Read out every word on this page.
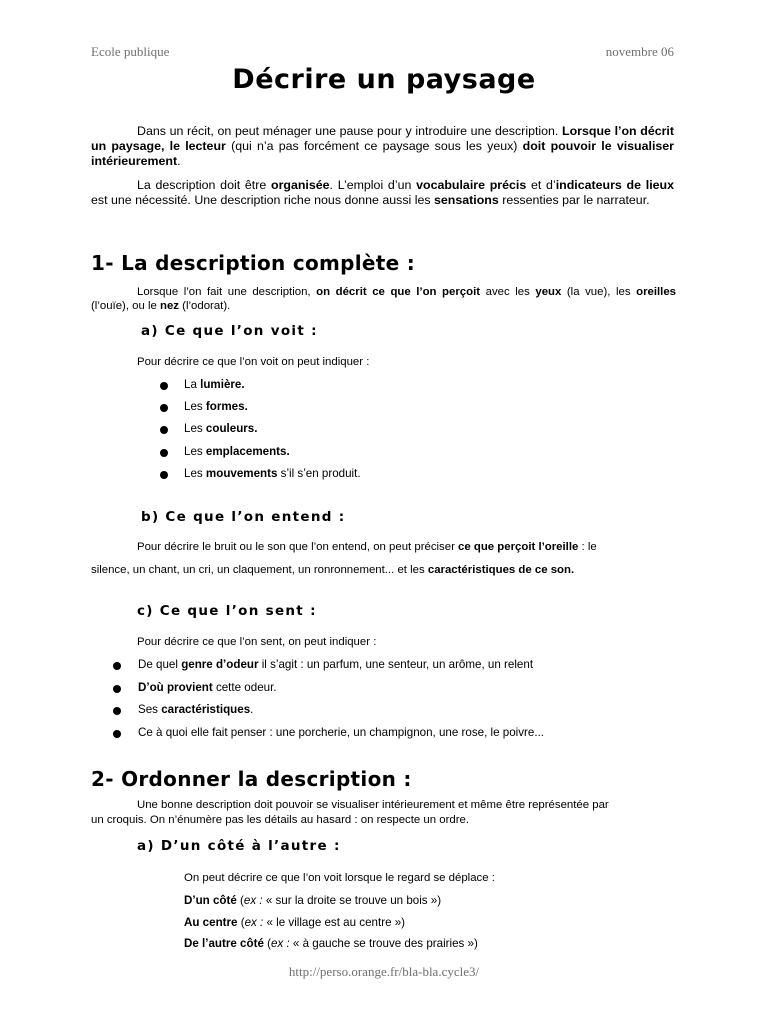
Ecole publique	novembre 06
Décrire un paysage
Dans un récit, on peut ménager une pause pour y introduire une description. Lorsque l’on décrit un paysage, le lecteur (qui n’a pas forcément ce paysage sous les yeux) doit pouvoir le visualiser intérieurement.
La description doit être organisée. L’emploi d’un vocabulaire précis et d’indicateurs de lieux est une nécessité. Une description riche nous donne aussi les sensations ressenties par le narrateur.
1- La description complète :
Lorsque l’on fait une description, on décrit ce que l’on perçoit avec les yeux (la vue), les oreilles (l’ouïe), ou le nez (l’odorat).
a) Ce que l’on voit :
Pour décrire ce que l’on voit on peut indiquer :
La lumière.
Les formes.
Les couleurs.
Les emplacements.
Les mouvements s’il s’en produit.
b) Ce que l’on entend :
Pour décrire le bruit ou le son que l’on entend, on peut préciser ce que perçoit l’oreille : le
silence, un chant, un cri, un claquement, un ronronnement... et les caractéristiques de ce son.
c) Ce que l’on sent :
Pour décrire ce que l’on sent, on peut indiquer :
De quel genre d’odeur il s’agit : un parfum, une senteur, un arôme, un relent
D’où provient cette odeur.
Ses caractéristiques.
Ce à quoi elle fait penser : une porcherie, un champignon, une rose, le poivre...
2- Ordonner la description :
Une bonne description doit pouvoir se visualiser intérieurement et même être représentée par
un croquis. On n’énumère pas les détails au hasard : on respecte un ordre.
a) D’un côté à l’autre :
On peut décrire ce que l’on voit lorsque le regard se déplace :
D’un côté (ex : « sur la droite se trouve un bois »)
Au centre (ex : « le village est au centre »)
De l’autre côté (ex : « à gauche se trouve des prairies »)
http://perso.orange.fr/bla-bla.cycle3/
